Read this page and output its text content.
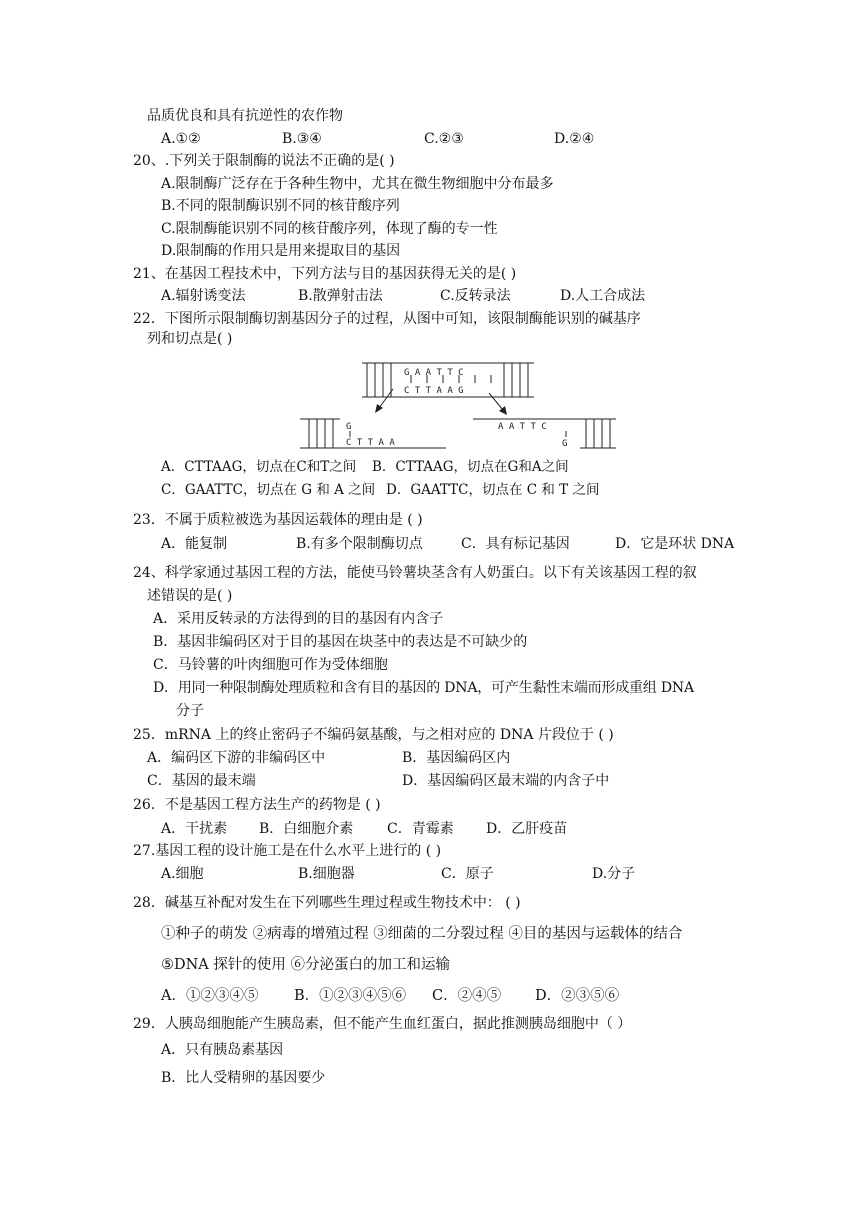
品质优良和具有抗逆性的农作物
A.①②	B.③④	C.②③	D.②④
20、.下列关于限制酶的说法不正确的是( )
A.限制酶广泛存在于各种生物中，尤其在微生物细胞中分布最多
B.不同的限制酶识别不同的核苷酸序列
C.限制酶能识别不同的核苷酸序列，体现了酶的专一性
D.限制酶的作用只是用来提取目的基因
21、在基因工程技术中，下列方法与目的基因获得无关的是( )
A.辐射诱变法	B.散弹射击法	C.反转录法	D.人工合成法
22．下图所示限制酶切割基因分子的过程，从图中可知，该限制酶能识别的碱基序
列和切点是( )
G A A T T C
C T T A A G
G
C T T A A
A A T T C
G
A．CTTAAG，切点在C和T之间 B．CTTAAG，切点在G和A之间
C．GAATTC，切点在 G 和 A 之间 D．GAATTC，切点在 C 和 T 之间
23．不属于质粒被选为基因运载体的理由是 ( )
A．能复制	B.有多个限制酶切点	C．具有标记基因	D．它是环状 DNA
24、科学家通过基因工程的方法，能使马铃薯块茎含有人奶蛋白。以下有关该基因工程的叙
述错误的是( )
A．采用反转录的方法得到的目的基因有内含子
B．基因非编码区对于目的基因在块茎中的表达是不可缺少的
C．马铃薯的叶肉细胞可作为受体细胞
D．用同一种限制酶处理质粒和含有目的基因的 DNA，可产生黏性末端而形成重组 DNA
分子
25．mRNA 上的终止密码子不编码氨基酸，与之相对应的 DNA 片段位于 ( )
A．编码区下游的非编码区中	B．基因编码区内
C．基因的最末端	D．基因编码区最末端的内含子中
26．不是基因工程方法生产的药物是 ( )
A．干扰素 B．白细胞介素 C．青霉素 D．乙肝疫苗
27.基因工程的设计施工是在什么水平上进行的 ( )
A.细胞	B.细胞器	C．原子	D.分子
28．碱基互补配对发生在下列哪些生理过程或生物技术中： ( )
①种子的萌发 ②病毒的增殖过程 ③细菌的二分裂过程 ④目的基因与运载体的结合
⑤DNA 探针的使用 ⑥分泌蛋白的加工和运输
A．①②③④⑤ B．①②③④⑤⑥ C．②④⑤ D．②③⑤⑥
29．人胰岛细胞能产生胰岛素，但不能产生血红蛋白，据此推测胰岛细胞中（ ）
A．只有胰岛素基因
B．比人受精卵的基因要少
